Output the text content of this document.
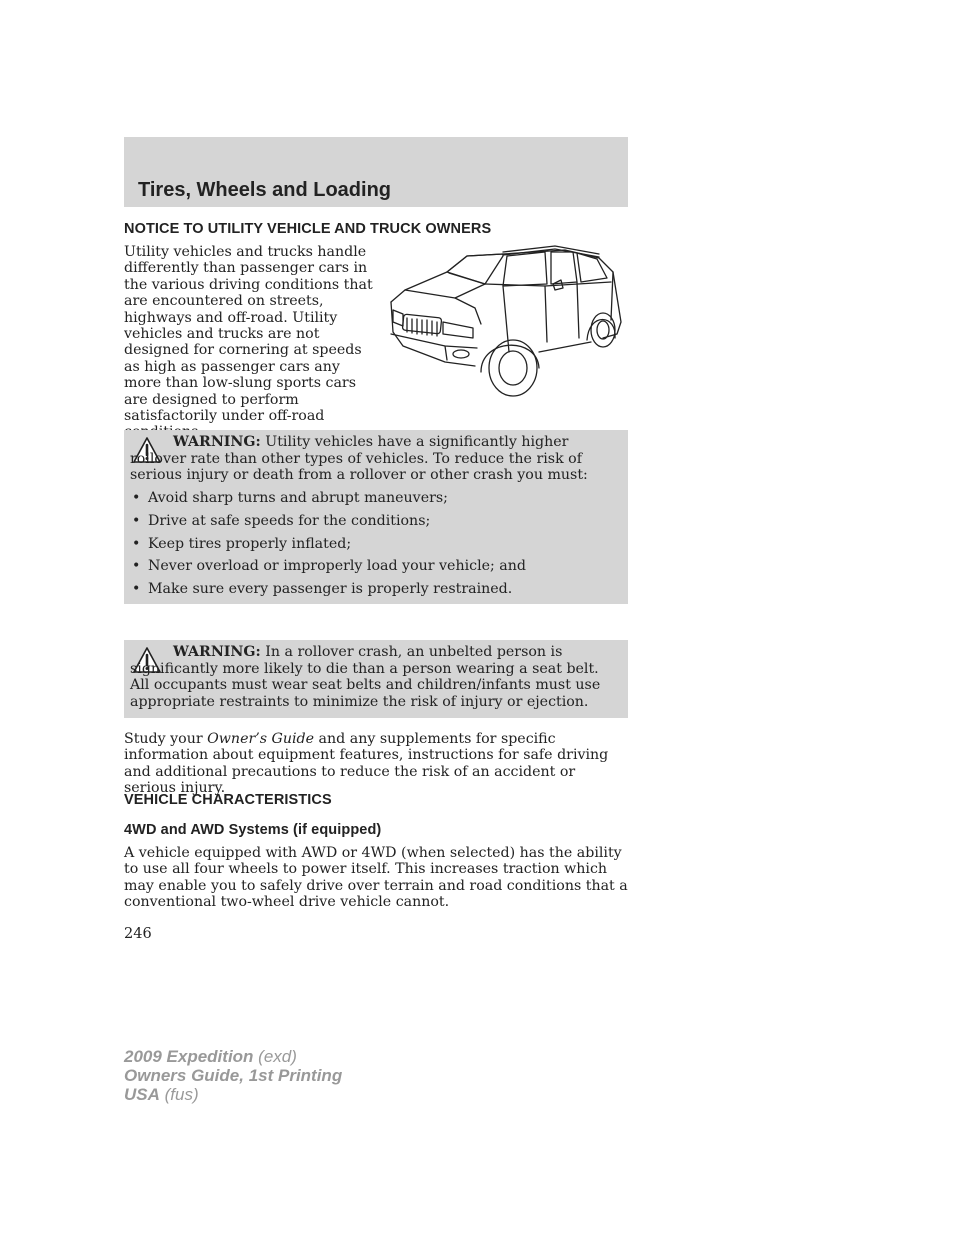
Tires, Wheels and Loading
NOTICE TO UTILITY VEHICLE AND TRUCK OWNERS
Utility vehicles and trucks handle differently than passenger cars in the various driving conditions that are encountered on streets, highways and off-road. Utility vehicles and trucks are not designed for cornering at speeds as high as passenger cars any more than low-slung sports cars are designed to perform satisfactorily under off-road
WARNING: Utility vehicles have a significantly higher rollover rate than other types of vehicles. To reduce the risk of serious injury or death from a rollover or other crash you must:
• Avoid sharp turns and abrupt maneuvers;
• Drive at safe speeds for the conditions;
• Keep tires properly inflated;
• Never overload or improperly load your vehicle; and
• Make sure every passenger is properly restrained.
WARNING: In a rollover crash, an unbelted person is significantly more likely to die than a person wearing a seat belt. All occupants must wear seat belts and children/infants must use appropriate restraints to minimize the risk of injury or ejection.
Study your Owner’s Guide and any supplements for specific information about equipment features, instructions for safe driving and additional precautions to reduce the risk of an accident or serious injury.
VEHICLE CHARACTERISTICS
4WD and AWD Systems (if equipped)
A vehicle equipped with AWD or 4WD (when selected) has the ability to use all four wheels to power itself. This increases traction which may enable you to safely drive over terrain and road conditions that a conventional two-wheel drive vehicle cannot.
246
2009 Expedition (exd)
Owners Guide, 1st Printing
USA (fus)
